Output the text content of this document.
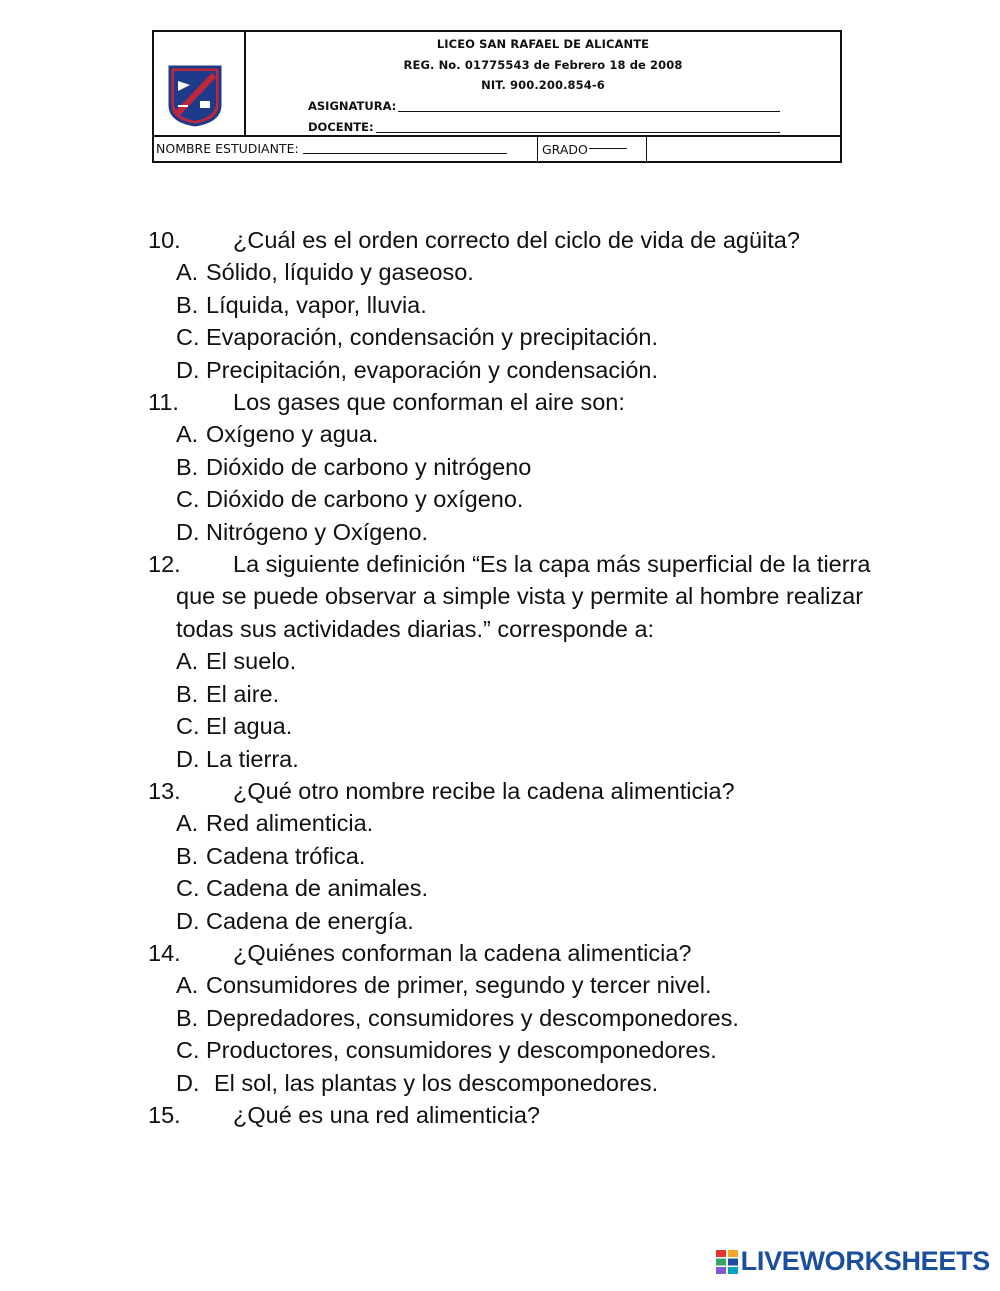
LICEO SAN RAFAEL DE ALICANTE
REG. No. 01775543 de Febrero 18 de 2008
NIT. 900.200.854-6
ASIGNATURA:
DOCENTE:
NOMBRE ESTUDIANTE:	GRADO
10.	¿Cuál es el orden correcto del ciclo de vida de agüita?
A. Sólido, líquido y gaseoso.
B. Líquida, vapor, lluvia.
C. Evaporación, condensación y precipitación.
D. Precipitación, evaporación y condensación.
11.	Los gases que conforman el aire son:
A. Oxígeno y agua.
B. Dióxido de carbono y nitrógeno
C. Dióxido de carbono y oxígeno.
D. Nitrógeno y Oxígeno.
12.	La siguiente definición “Es la capa más superficial de la tierra que se puede observar a simple vista y permite al hombre realizar todas sus actividades diarias.” corresponde a:
A. El suelo.
B. El aire.
C. El agua.
D. La tierra.
13.	¿Qué otro nombre recibe la cadena alimenticia?
A. Red alimenticia.
B. Cadena trófica.
C. Cadena de animales.
D. Cadena de energía.
14.	¿Quiénes conforman la cadena alimenticia?
A. Consumidores de primer, segundo y tercer nivel.
B. Depredadores, consumidores y descomponedores.
C. Productores, consumidores y descomponedores.
D. El sol, las plantas y los descomponedores.
15.	¿Qué es una red alimenticia?
LIVEWORKSHEETS
